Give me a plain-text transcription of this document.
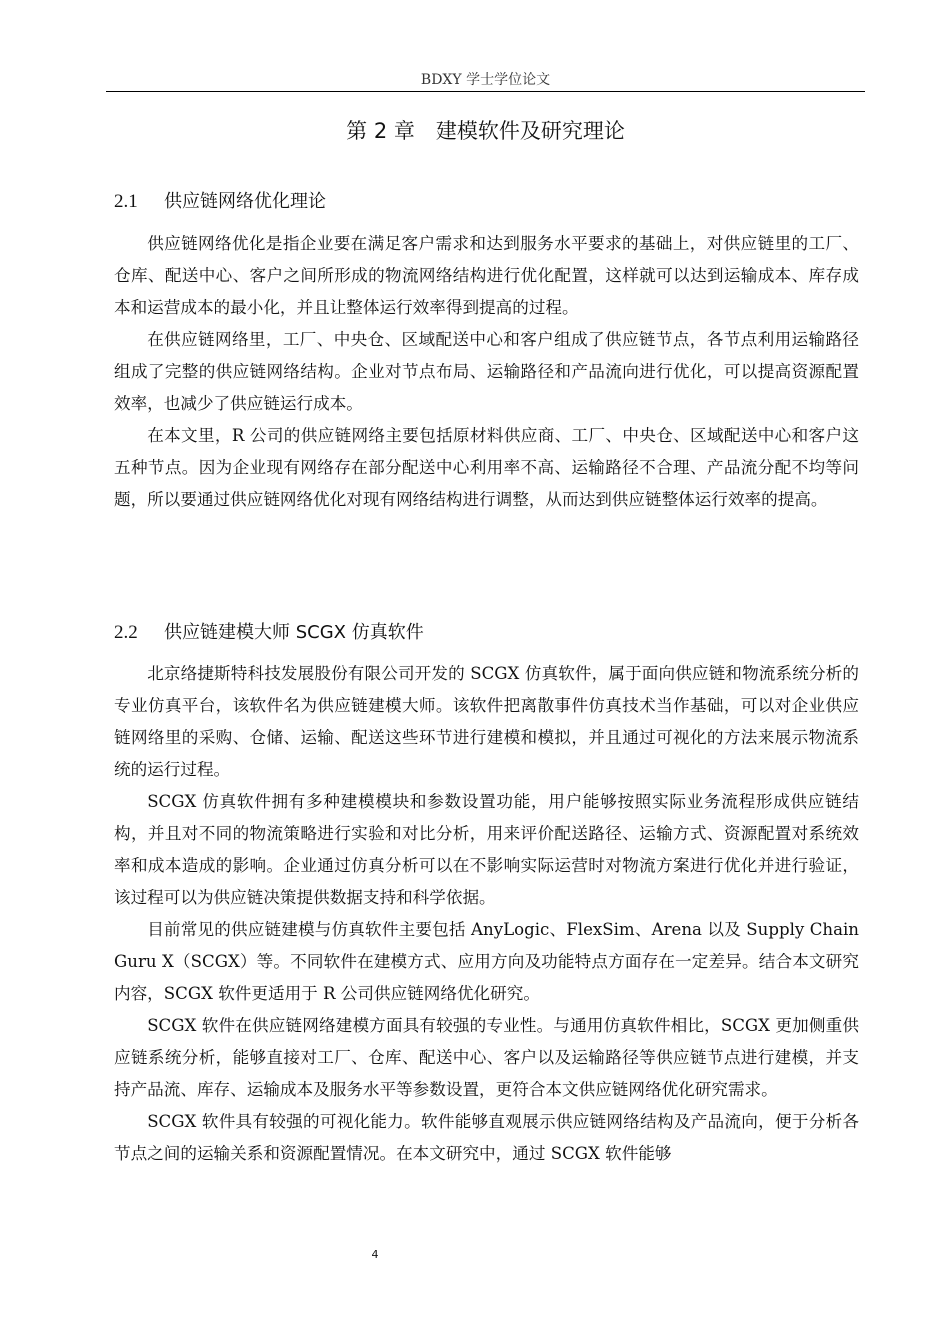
BDXY 学士学位论文
第 2 章　建模软件及研究理论
2.1 供应链网络优化理论

供应链网络优化是指企业要在满足客户需求和达到服务水平要求的基础上，对供应链里的工厂、仓库、配送中心、客户之间所形成的物流网络结构进行优化配置，这样就可以达到运输成本、库存成本和运营成本的最小化，并且让整体运行效率得到提高的过程。

在供应链网络里，工厂、中央仓、区域配送中心和客户组成了供应链节点，各节点利用运输路径组成了完整的供应链网络结构。企业对节点布局、运输路径和产品流向进行优化，可以提高资源配置效率，也减少了供应链运行成本。

在本文里，R 公司的供应链网络主要包括原材料供应商、工厂、中央仓、区域配送中心和客户这五种节点。因为企业现有网络存在部分配送中心利用率不高、运输路径不合理、产品流分配不均等问题，所以要通过供应链网络优化对现有网络结构进行调整，从而达到供应链整体运行效率的提高。

2.2 供应链建模大师 SCGX 仿真软件

北京络捷斯特科技发展股份有限公司开发的 SCGX 仿真软件，属于面向供应链和物流系统分析的专业仿真平台，该软件名为供应链建模大师。该软件把离散事件仿真技术当作基础，可以对企业供应链网络里的采购、仓储、运输、配送这些环节进行建模和模拟，并且通过可视化的方法来展示物流系统的运行过程。

SCGX 仿真软件拥有多种建模模块和参数设置功能，用户能够按照实际业务流程形成供应链结构，并且对不同的物流策略进行实验和对比分析，用来评价配送路径、运输方式、资源配置对系统效率和成本造成的影响。企业通过仿真分析可以在不影响实际运营时对物流方案进行优化并进行验证，该过程可以为供应链决策提供数据支持和科学依据。

目前常见的供应链建模与仿真软件主要包括 AnyLogic、FlexSim、Arena 以及 Supply Chain Guru X（SCGX）等。不同软件在建模方式、应用方向及功能特点方面存在一定差异。结合本文研究内容，SCGX 软件更适用于 R 公司供应链网络优化研究。

SCGX 软件在供应链网络建模方面具有较强的专业性。与通用仿真软件相比，SCGX 更加侧重供应链系统分析，能够直接对工厂、仓库、配送中心、客户以及运输路径等供应链节点进行建模，并支持产品流、库存、运输成本及服务水平等参数设置，更符合本文供应链网络优化研究需求。

SCGX 软件具有较强的可视化能力。软件能够直观展示供应链网络结构及产品流向，便于分析各节点之间的运输关系和资源配置情况。在本文研究中，通过 SCGX 软件能够

4
